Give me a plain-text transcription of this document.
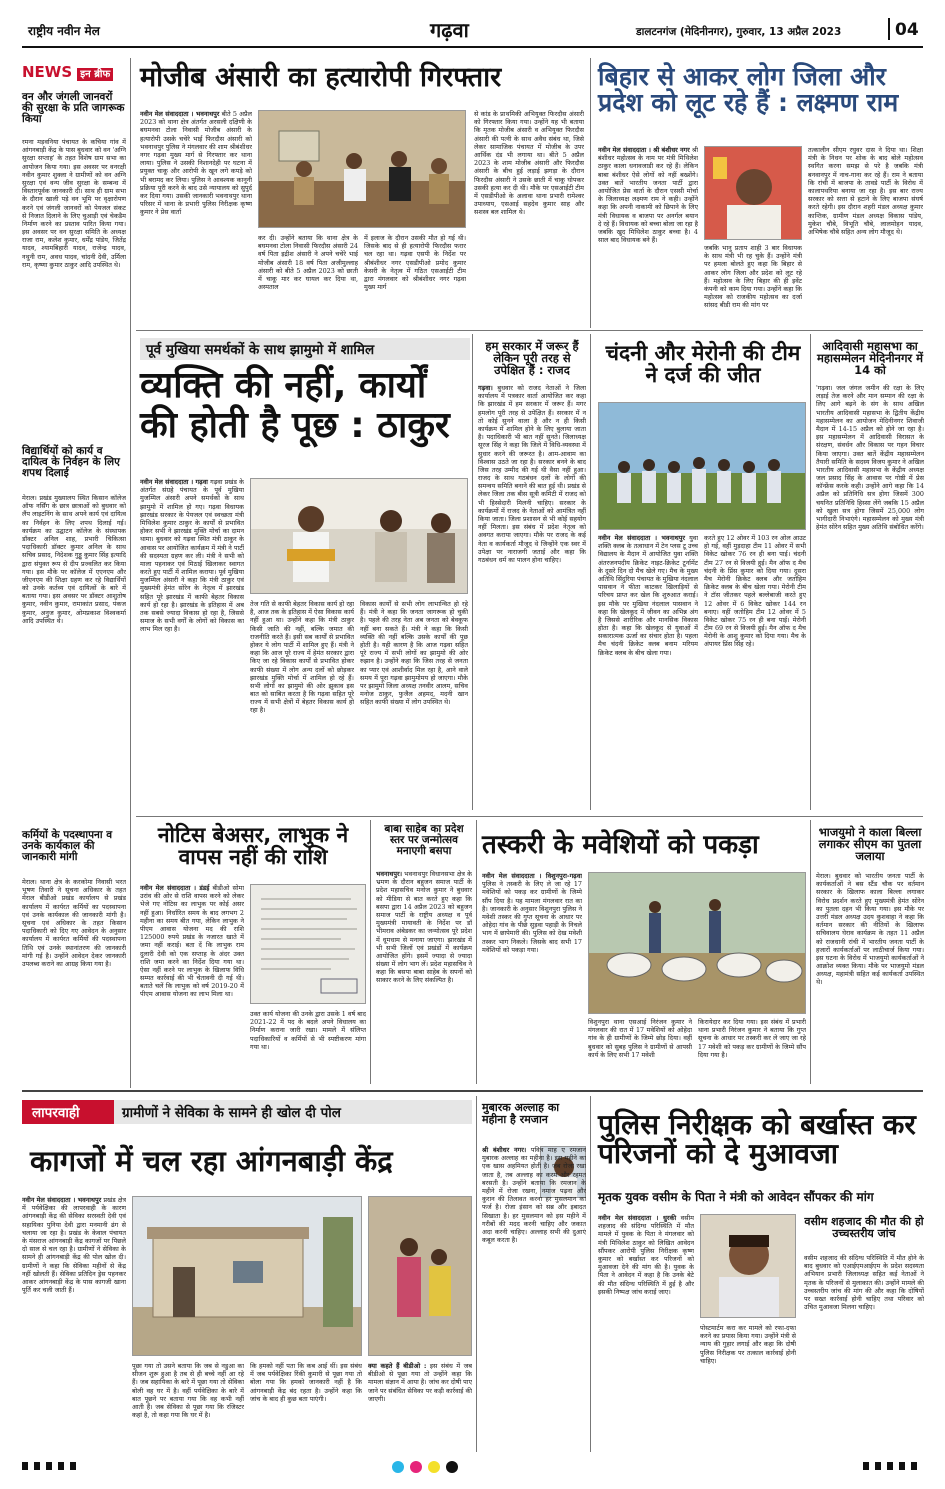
राष्ट्रीय नवीन मेल	गढ़वा	डालटनगंज (मेदिनीनगर), गुरुवार, 13 अप्रैल 2023	04
NEWS इन ब्रीफ
वन और जंगली जानवरों की सुरक्षा के प्रति जागरूक किया
रमना मड़वनिया पंचायत के कचिया गांव में आंगनबाड़ी केंद्र के पास बुधवार को वन 'अग्नि सुरक्षा सप्ताह' के तहत विशेष ग्राम सभा का आयोजन किया गया। इस अवसर पर वनरक्षी नवीन कुमार शुक्ला ने ग्रामीणों को वन अग्नि सुरक्षा एवं वन्य जीव सुरक्षा के सम्बन्ध में विस्तारपूर्वक जानकारी दी। साथ ही ग्राम सभा के दौरान खाली पड़े वन भूमि पर वृक्षारोपण करने एवं जंगली जानवरों को पेयजल संकट से निजात दिलाने के लिए चुआड़ी एवं चेकडैम निर्माण करने का प्रस्ताव पारित किया गया। इस अवसर पर वन सुरक्षा समिति के अध्यक्ष राजा राम, कलेश कुमार, धर्मेंद्र पांडेय, जितेंद्र यादव, श्यामबिहारी यादव, राजेन्द्र यादव, नथुनी राम, अवध यादव, चांदनी देवी, उर्मिला राम, कृष्णा कुमार ठाकुर आदि उपस्थित थे।
विद्यार्थियों को कार्य व दायित्व के निर्वहन के लिए शपथ दिलाई
मेराल। प्रखंड मुख्यालय स्थित किसान कॉलेज ऑफ नर्सिंग के छात्र छात्राओं को बुधवार को लैंप लाइटनिंग के साथ अपने कार्य एवं दायित्व का निर्वहन के लिए शपथ दिलाई गई। कार्यक्रम का उद्घाटन कॉलेज के संस्थापक डॉक्टर अनिल शाह, प्रभारी चिकित्सा पदाधिकारी डॉक्टर कुमार अनिल के साथ सचिव प्रसाद, निदेशक गुड्डू कुमार सिंह इत्यादि द्वारा संयुक्त रूप से दीप प्रज्वलित कर किया गया। इस मौके पर कॉलेज में एएनएम और जीएनएम की शिक्षा ग्रहण कर रहे विद्यार्थियों को उनके कर्तव्य एवं दायित्वों के बारे में बताया गया। इस अवसर पर डॉक्टर आशुतोष कुमार, नवीन कुमार, रामाकांत प्रसाद, पंकज कुमार, अनुज कुमार, ओमप्रकाश विश्वकर्मा आदि उपस्थित थे।
कर्मियों के पदस्थापना व उनके कार्यकाल की जानकारी मांगी
मेराल। थाना क्षेत्र के करकोमा निवासी भरत भूषण तिवारी ने सूचना अधिकार के तहत मेराल बीडीओ प्रखंड कार्यालय से प्रखंड कार्यालय में कार्यरत कर्मियों का पदस्थापना एवं उनके कार्यकाल की जानकारी मांगी है। सूचना एवं अधिकार के तहत किसान पदाधिकारी को दिए गए आवेदन के अनुसार कार्यालय में कार्यरत कर्मियों की पदस्थापना तिथि एवं उनके स्थानांतरण की जानकारी मांगी गई है। उन्होंने आवेदन देकर जानकारी उपलब्ध कराने का आग्रह किया गया है।
मोजीब अंसारी का हत्यारोपी गिरफ्तार
नवीन मेल संवाददाता । भवनाथपुर बीते 5 अप्रैल 2023 को थाना क्षेत्र अंतर्गत अरसली दक्षिणी के बघमनवा टोला निवासी मोजीब अंसारी के हत्यारोपी उसके चचेरे भाई फिरदौस अंसारी को भवनाथपुर पुलिस ने मंगलवार की शाम श्रीबंशीधर नगर गढ़वा मुख्य मार्ग से गिरफ्तार कर थाना लाया। पुलिस ने उसकी निशानदेही पर घटना में प्रयुक्त चाकू और आरोपी के खून लगे कपड़े को भी बरामद कर लिया। पुलिस ने आवश्यक कानूनी प्रक्रिया पूरी करने के बाद उसे न्यायालय को सुपुर्द कर दिया गया। उसकी जानकारी भवनाथपुर थाना परिसर में थाना के प्रभारी पुलिस निरीक्षक कृष्ण कुमार ने प्रेस वार्ता
कर दी। उन्होंने बताया कि थाना क्षेत्र के बघमनवा टोला निवासी फिरदौस अंसारी 24 वर्ष पिता इद्रीश अंसारी ने अपने चचेरे भाई मोजीब अंसारी 18 वर्ष पिता अजीमुल्लाह अंसारी को बीते 5 अप्रैल 2023 को छाती में चाकू मार कर घायल कर दिया था, अस्पताल
में इलाज के दौरान उसकी मौत हो गई थी। जिसके बाद से ही हत्यारोपी फिरदौस फरार चल रहा था। गढ़वा एसपी के निर्देश पर श्रीबंशीधर नगर एसडीपीओ प्रमोद कुमार केसरी के नेतृत्व में गठित एसआईटी टीम द्वारा मंगलवार को श्रीबंशीधर नगर गढ़वा मुख्य मार्ग
से कांड के प्राथमिकी अभियुक्त फिरदौस अंसारी को गिरफ्तार किया गया। उन्होंने यह भी बताया कि मृतक मोजीब अंसारी व अभियुक्त फिरदौस अंसारी की पत्नी के साथ अवैध संबंध था, जिसे लेकर सामाजिक पंचायत में मोजीब के उपर आर्थिक दंड भी लगाया था। बीते 5 अप्रैल 2023 के शाम मोजीब अंसारी और फिरदौस अंसारी के बीच हुई लड़ाई झगड़ा के दौरान फिरदौस अंसारी ने उसके छाती में चाकू घोपकर उसकी हत्या कर दी थी। मौके पर एसआईटी टीम में एसडीपीओ के अलावा थाना प्रभारी रामेश्वर उपाध्याय, एसआई सहदेव कुमार साह और सशस्त्र बल शामिल थे।
बिहार से आकर लोग जिला और प्रदेश को लूट रहे हैं : लक्ष्मण राम
नवीन मेल संवाददाता । श्री बंशीधर नगर श्री बंशीधर महोत्सव के नाम पर मंत्री मिथिलेश ठाकुर काला धनावजाडी कर रहे हैं। लेकिन बाबा बंशीधर ऐसे लोगों को नहीं बख्शेंगे। उक्त बातें भारतीय जनता पार्टी द्वारा आयोजित प्रेस वार्ता के दौरान एससी मोर्चा के जिलाध्यक्ष लक्ष्मण राम ने कही। उन्होंने कहा कि अपनी नाकामी को छिपाने के लिए मंत्री विधायक व बाजपा पर अनर्गल बयान दे रहे हैं। विधायक को बच्चा बोला जा रहा है जबकि खुद मिथिलेश ठाकुर बच्चा है। 4 साल बाद विधायक बने हैं।
जबकि भानु प्रताप शाही 3 बार विधायक के साथ मंत्री भी रह चुके हैं। उन्होंने मंत्री पर हमला बोलते हुए कहा कि बिहार से आकर लोग जिला और प्रदेश को लूट रहे हैं। महोत्सव के लिए बिहार की ही इवेंट कंपनी को काम दिया गया। उन्होंने कहा कि महोत्सव को राजकीय महोत्सव का दर्जा सांसद बीडी राम की मांग पर
तत्कालीन सीएम रघुवर दास ने दिया था। शिक्षा मंत्री के निधन पर शोक के बाद बोले महोत्सव स्थगित करना समझ से परे है जबकि मंत्री बनवानपुर में नाच-गाना कर रहे हैं। राम ने बताया कि रांची में बाजपा के तावडे पार्टी के विरोध में कालापथरिया बनाया जा रहा है। इस बार राज्य सरकार को सत्ता से हटाने के लिए बाजपा संघर्ष करते रहेगी। इस दौरान शहरी मंडल अध्यक्ष कुमार कान्तिक, ग्रामीण मंडल अध्यक्ष विकास पांडेय, मुकेश चौबे, विभूति चौबे, लालमोहन यादव, अभिषेक चौबे सहित अन्य लोग मौजूद थे।
पूर्व मुखिया समर्थकों के साथ झामुमो में शामिल
व्यक्ति की नहीं, कार्यों की होती है पूछ : ठाकुर
नवीन मेल संवाददाता । गढ़वा गढ़वा प्रखंड के अंतर्गत संग्रहे पंचायत के पूर्व मुखिया मुजम्मिल अंसारी अपने समर्थकों के साथ झामुमो में शामिल हो गए। गढ़वा विधायक झारखंड सरकार के पेयजल एवं स्वच्छता मंत्री मिथिलेश कुमार ठाकुर के कार्यों से प्रभावित होकर सभी ने झारखंड मुक्ति मोर्चा का दामन थामा। बुधवार को गढ़वा स्थित मंत्री ठाकुर के आवास पर आयोजित कार्यक्रम में मंत्री ने पार्टी की सदस्यता ग्रहण कर ली। मंत्री ने सभी को माला पहनाकर एवं मिठाई खिलाकर स्वागत करते हुए पार्टी में शामिल कराया। पूर्व मुखिया मुजम्मिल अंसारी ने कहा कि मंत्री ठाकुर एवं मुख्यमंत्री हेमंत सोरेन के नेतृत्व में झारखंड सहित पूरे झारखंड में काफी बेहतर विकास कार्य हो रहा है। झारखंड के इतिहास में अब तक सबसे ज्यादा विकास हो रहा है, जिससे समाज के सभी वर्गों के लोगों को विकास का लाभ मिल रहा है।
तेज गति से काफी बेहतर विकास कार्य हो रहा है, आज तक के इतिहास में ऐसा विकास कार्य नहीं हुआ था। उन्होंने कहा कि मंत्री ठाकुर किसी जाति की नहीं, बल्कि जमात की राजनीति करते हैं। इसी सब कार्यों से प्रभावित होकर ये लोग पार्टी में शामिल हुए हैं। मंत्री ने कहा कि आज पूरे राज्य में हेमंत सरकार द्वारा किए जा रहे विकास कार्यों से प्रभावित होकर काफी संख्या में लोग अन्य दलों को छोड़कर झारखंड मुक्ति मोर्चा में शामिल हो रहे हैं। सभी लोगों का झामुमो की ओर झुकाव इस बात को साबित करता है कि गढ़वा सहित पूरे राज्य में सभी क्षेत्रों में बेहतर विकास कार्य हो रहा है।
विकास कार्यों से सभी लोग लाभान्वित हो रहे हैं। मंत्री ने कहा कि जनता जागरूक हो चुकी है। पहले की तरह नेता अब जनता को बेवकूफ नहीं बना सकते हैं। मंत्री ने कहा कि किसी व्यक्ति की नहीं बल्कि उसके कार्यों की पूछ होती है। यही कारण है कि आज गढ़वा सहित पूरे राज्य में सभी लोगों का झामुमो की ओर रुझान है। उन्होंने कहा कि जिस तरह से जनता का प्यार एवं आशीर्वाद मिल रहा है, आने वाले समय में पूरा गढ़वा झामुमोमय हो जाएगा। मौके पर झामुमो जिला अध्यक्ष तनवीर आलम, सचिव मनोज ठाकुर, फुजैल अहमद, मदनी खान सहित काफी संख्या में लोग उपस्थित थे।
हम सरकार में जरूर हैं लेकिन पूरी तरह से उपेक्षित हैं : राजद
गढ़वा। बुधवार को राजद नेताओं ने जिला कार्यालय में पत्रकार वार्ता आयोजित कर कहा कि झारखंड में हम सरकार में जरूर हैं। मगर हमलोग पूरी तरह से उपेक्षित हैं। सरकार में न तो कोई सुनने वाला है और न ही किसी कार्यक्रम में शामिल होने के लिए बुलाया जाता है। पदाधिकारी भी बात नहीं सुनते। जिलाध्यक्ष सूरज सिंह ने कहा कि जिले में विधि-व्यवस्था में सुधार करने की जरूरत है। आम-आवाम का विश्वास उठते जा रहा है। सरकार बनने के बाद जिस तरह उम्मीद की गई थी वैसा नहीं हुआ। राजद के साथ गठबंधन दलों के लोगों की समन्वय समिति बनाने की बात हुई थी। प्रखंड से लेकर जिला तक बीस सूत्री कमिटी में राजद को भी हिस्सेदारी मिलनी चाहिए। सरकार के कार्यक्रमों में राजद के नेताओं को आमंत्रित नहीं किया जाता। जिला प्रशासन से भी कोई सहयोग नहीं मिलता। इस संबंध में प्रदेश नेतृत्व को अवगत कराया जाएगा। मौके पर राजद के कई नेता व कार्यकर्ता मौजूद थे जिन्होंने एक स्वर में उपेक्षा पर नाराजगी जताई और कहा कि गठबंधन धर्म का पालन होना चाहिए।
चंदनी और मेरोनी की टीम ने दर्ज की जीत
नवीन मेल संवाददाता । भवनाथपुर युवा शक्ति क्लब के तत्वाधान में टेन प्लस टू उच्च विद्यालय के मैदान में आयोजित युवा शक्ति अंतरजनपदीय क्रिकेट नाइट-क्रिकेट टूर्नामेंट के दूसरे दिन दो मैच खेले गए। मैच के मुख्य अतिथि सिंदुरिया पंचायत के मुखिया नंदलाल पासवान ने फीता काटकर खिलाड़ियों से परिचय प्राप्त कर खेल कि शुरुआत कराई। इस मौके पर मुखिया नंदलाल पासवान ने कहा कि खेलकूद में जीवन का अभिन्न अंग है जिससे शारीरिक और मानसिक विकास होता है। कहा कि खेलकूद से युवाओं में सकारात्मक ऊर्जा का संचार होता है। पहला मैच चंदनी क्रिकेट क्लब बनाम मरियम क्रिकेट क्लब के बीच खेला गया।
करते हुए 12 ओवर में 103 रन ओल आउट हो गई, वहीं मुड़दाहा टीम 11 ओवर में सभी विकेट खोकर 76 रन ही बना पाई। चंदनी टीम 27 रन से विजयी हुई। मैन ऑफ द मैच चंदनी के प्रिंस कुमार को दिया गया। दूसरा मैच मेरोनी क्रिकेट क्लब और जतोहिम क्रिकेट क्लब के बीच खेला गया। मेरोनी टीम ने टॉस जीतकर पहले बल्लेबाजी करते हुए 12 ओवर में 6 विकेट खोकर 144 रन बनाए। वहीं जतोहिम टीम 12 ओवर में 5 विकेट खोकर 75 रन ही बना पाई। मेरोनी टीम 69 रन से विजयी हुई। मैन ऑफ द मैच मेरोनी के आशु कुमार को दिया गया। मैच के अंपायर प्रिंस सिंह रहे।
आदिवासी महासभा का महासम्मेलन मेदिनीनगर में 14 को
'गढ़वा। जल जंगल जमीन की रक्षा के लिए लड़ाई तेज करने और मान सम्मान की रक्षा के लिए आगे बढ़ने के संग के साथ अखिल भारतीय आदिवासी महासभा के द्वितीय केंद्रीय महासम्मेलन का आयोजन मेदिनीनगर शिवाजी मैदान में 14-15 अप्रैल को होने जा रहा है। इस महासम्मेलन में आदिवासी विरासत के संरक्षण, संवर्धन और विकास पर गहन विचार किया जाएगा। उक्त बातें केंद्रीय महासम्मेलन तैयारी समिति के सदस्य विजय कुमार ने अखिल भारतीय आदिवासी महासभा के केंद्रीय अध्यक्ष जल प्रसाद सिंह के आवास पर गोष्ठी में प्रेस कॉन्फ्रेंस करके कही। उन्होंने आगे कहा कि 14 अप्रैल को प्रतिनिधि सत्र होगा जिसमें 300 चयनित प्रतिनिधि हिस्सा लेंगे जबकि 15 अप्रैल को खुला सत्र होगा जिसमें 25,000 लोग भागीदारी निभाएंगे। महासम्मेलन को मुख्य मंत्री हेमंत सोरेन सहित मुख्य अतिथि संबोधित करेंगे।
नोटिस बेअसर, लाभुक ने वापस नहीं की राशि
नवीन मेल संवाददाता । डंडई बीडीओ सोमा उरांव की ओर से राशि वापस करने को लेकर भेजे गए नोटिस का लाभुक पर कोई असर नहीं हुआ। निर्धारित समय के बाद लगभग 2 महीना का समय बीत गया, लेकिन लाभुक ने पीएम आवास योजना मद की राशि 125000 रुपये प्रखंड के नजारत खाते में जमा नहीं कराई। बता दें कि लाभुक राम दुलारी देवी को एक सप्ताह के अंदर उक्त राशि जमा करने का निर्देश दिया गया था। ऐसा नहीं करने पर लाभुक के खिलाफ विधि सम्मत कार्रवाई की भी चेतावनी दी गई थी। बताते चलें कि लाभुक को वर्ष 2019-20 में पीएम आवास योजना का लाभ मिला था।
उक्त कार्य योजना की उनके द्वारा उसके 1 वर्ष बाद 2021-22 में पद के बदले अपने विधालय का निर्माण कराना जारी रखा। मामले में संलिप्त पदाधिकारियों व कर्मियों से भी स्पष्टीकरण मांगा गया था।
बाबा साहेब का प्रदेश स्तर पर जन्मोत्सव मनाएगी बसपा
भवनाथपुर। भवनाथपुर विधानसभा क्षेत्र के भ्रमण के दौरान बहुजन समाज पार्टी के प्रदेश महासचिव मनोज कुमार ने बुधवार को मीडिया से बात करते हुए कहा कि बसपा द्वारा 14 अप्रैल 2023 को बहुजन समाज पार्टी के राष्ट्रीय अध्यक्ष व पूर्व मुख्यमंत्री मायावती के निर्देश पर डॉ भीमराव अंबेडकर का जन्मोत्सव पूरे प्रदेश में धूमधाम से मनाया जाएगा। झारखंड में भी सभी जिलों एवं प्रखंडों में कार्यक्रम आयोजित होंगे। इसमें ज्यादा से ज्यादा संख्या में लोग भाग लें। प्रदेश महासचिव ने कहा कि बसपा बाबा साहेब के सपनों को साकार करने के लिए संकल्पित है।
तस्करी के मवेशियों को पकड़ा
नवीन मेल संवाददाता । विशुनपुरा-गढ़वा पुलिस ने तस्करी के लिए ले जा रहे 17 मवेशियों को पकड़ कर ग्रामीणों के जिम्मे सौंप दिया है। यह मामला मंगलवार रात का है। जानकारी के अनुसार विशुनपुरा पुलिस ने मवेशी तस्कर की गुप्त सूचना के आधार पर ओहेदा गांव के पीछे सुड़वा पहाड़ी के निचले भाग में छापेमारी की। पुलिस को देख मवेशी तस्कर भाग निकले। जिसके बाद सभी 17 मवेशियों को पकड़ा गया।
विशुनपुरा थाना एसआई निरंजन कुमार ने मंगलवार की रात में 17 मवेशियों को ओहेदा गांव के ही ग्रामीणों के जिम्मे छोड़ दिया। वहीं बुधवार को सुबह पुलिस ने ग्रामीणों से आपसी कार्य के लिए सभी 17 मवेशी
किरायेदार कर दिया गया। इस संबंध में प्रभारी थाना प्रभारी निरंजन कुमार ने बताया कि गुप्त सूचना के आधार पर तस्करी कर ले जाए जा रहे 17 मवेशी को पकड़ कर ग्रामीणों के जिम्मे सौंप दिया गया है।
भाजयुमो ने काला बिल्ला लगाकर सीएम का पुतला जलाया
मेराल। बुधवार को भारतीय जनता पार्टी के कार्यकर्ताओं ने बस स्टैंड चौक पर वर्तमान सरकार के खिलाफ काला बिल्ला लगाकर विरोध प्रदर्शन करते हुए मुख्यमंत्री हेमंत सोरेन का पुतला दहन भी किया गया। इस मौके पर उत्तरी मंडल अध्यक्ष उदय कुशवाहा ने कहा कि वर्तमान सरकार की नीतियों के खिलाफ सचिवालय घेराव कार्यक्रम के तहत 11 अप्रैल को राजधानी रांची में भारतीय जनता पार्टी के हजारों कार्यकर्ताओं पर लाठीचार्ज किया गया। इस घटना के विरोध में भाजयुमो कार्यकर्ताओं ने आक्रोश व्यक्त किया। मौके पर भाजयुमो मंडल अध्यक्ष, महामंत्री सहित कई कार्यकर्ता उपस्थित थे।
लापरवाही	ग्रामीणों ने सेविका के सामने ही खोल दी पोल
कागजों में चल रहा आंगनबाड़ी केंद्र
नवीन मेल संवाददाता । भवनाथपुर प्रखंड क्षेत्र में पर्यवेक्षिका की लापरवाही के कारण आंगनबाड़ी केंद्र की सेविका सरस्वती देवी एवं सहायिका पुनिया देवी द्वारा मनमानी ढंग से चलाया जा रहा है। प्रखंड के केवाल पंचायत के मंसराज आंगनबाड़ी केंद्र कागजों पर पिछले दो साल से चल रहा है। ग्रामीणों ने सेविका के सामने ही आंगनबाड़ी केंद्र की पोल खोल दी। ग्रामीणों ने कहा कि सेविका महीनों से केंद्र नहीं खोलती हैं। सेविका प्रतिदिन ड्रेस पहनकर आकर आंगनबाड़ी केंद्र के पास कागजी खाना पूर्ति कर चली जाती हैं।
पूछा गया तो उसने बताया कि जब से नडुआ का सीजन शुरू हुआ है तब से ही बच्चे नहीं आ रहे हैं। जब सहायिका के बारे में पूछा गया तो सेविका बोली वह घर में है। वहीं पर्यवेक्षिका के बारे में बात पूछने पर बताया गया कि वह कभी नहीं आती हैं। जब सेविका से पूछा गया कि रजिस्टर कहां है, तो कहा गया कि घर में है।
कि हमको नहीं पता कि कब आई थीं। इस संबंध में जब पर्यवेक्षिका रिंकी कुमारी से पूछा गया तो बोला गया कि हमको जानकारी नहीं है कि आंगनबाड़ी केंद्र बंद रहता है। उन्होंने कहा कि जांच के बाद ही कुछ बता पाएंगी।
क्या कहते हैं बीडीओ : इस संबंध में जब बीडीओ से पूछा गया तो उन्होंने कहा कि मामला संज्ञान में आया है। जांच कर दोषी पाए जाने पर संबंधित सेविका पर कड़ी कार्रवाई की जाएगी।
मुबारक अल्लाह का महीना है रमजान
श्री बंशीधर नगर। पवित्र माह ए रमजान मुबारक अल्लाह का महीना है। इस महीने का एक खास अहमियत होती है। जब रोजा रखा जाता है, तब अल्लाह का करम और रहमत बरसती है। उन्होंने बताया कि रमजान के महीने में रोजा रखना, नमाज पढ़ना और कुरान की तिलावत करना हर मुसलमान का फर्ज है। रोजा इंसान को सब्र और इबादत सिखाता है। हर मुसलमान को इस महीने में गरीबों की मदद करनी चाहिए और जकात अदा करनी चाहिए। अल्लाह सभी की दुआएं कबूल करता है।
पुलिस निरीक्षक को बर्खास्त कर परिजनों को दे मुआवजा
मृतक युवक वसीम के पिता ने मंत्री को आवेदन सौंपकर की मांग
नवीन मेल संवाददाता । धुरकी वसीम शहजाद की संदिग्ध परिस्थिति में मौत मामले में युवक के पिता ने मंगलवार को मंत्री मिथिलेश ठाकुर को लिखित आवेदन सौंपकर आरोपी पुलिस निरीक्षक कृष्ण कुमार को बर्खास्त कर परिजनों को मुआवजा देने की मांग की है। युवक के पिता ने आवेदन में कहा है कि उनके बेटे की मौत संदिग्ध परिस्थिति में हुई है और इसकी निष्पक्ष जांच कराई जाए।
पोस्टमार्टम करा कर मामले को रफा-दफा करने का प्रयास किया गया। उन्होंने मंत्री से न्याय की गुहार लगाई और कहा कि दोषी पुलिस निरीक्षक पर तत्काल कार्रवाई होनी चाहिए।
वसीम शहजाद की मौत की हो उच्चस्तरीय जांच
वसीम शहजाद की संदिग्ध परिस्थिति में मौत होने के बाद बुधवार को एआईएमआईएम के प्रदेश सदस्यता अभियान प्रभारी जिलाध्यक्ष सहित कई नेताओं ने मृतक के परिजनों से मुलाकात की। उन्होंने मामले की उच्चस्तरीय जांच की मांग की और कहा कि दोषियों पर सख्त कार्रवाई होनी चाहिए तथा परिवार को उचित मुआवजा मिलना चाहिए।
